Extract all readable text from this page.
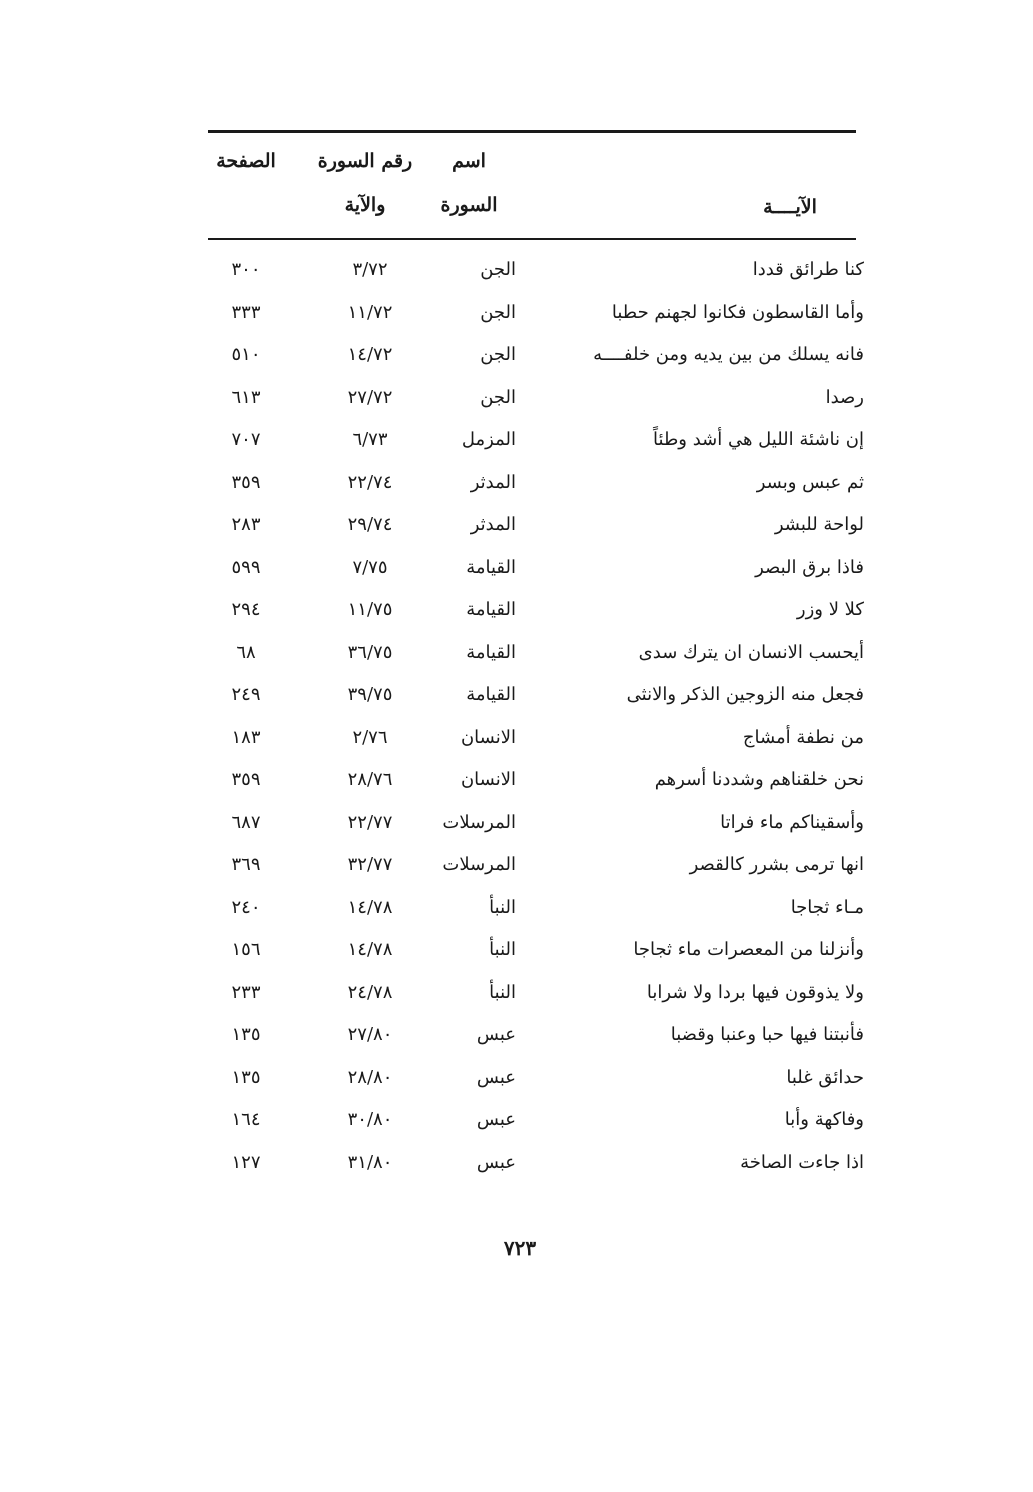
الصفحة	رقم السورة
والآية
اسم
السورة	الآيــــة
كنا طرائق قددا
الجن
٣/٧٢
٣٠٠
وأما القاسطون فكانوا لجهنم حطبا
الجن
١١/٧٢
٣٣٣
فانه يسلك من بين يديه ومن خلفــــه
الجن
١٤/٧٢
٥١٠
رصدا
الجن
٢٧/٧٢
٦١٣
إن ناشئة الليل هي أشد وطئاً
المزمل
٦/٧٣
٧٠٧
ثم عبس وبسر
المدثر
٢٢/٧٤
٣٥٩
لواحة للبشر
المدثر
٢٩/٧٤
٢٨٣
فاذا برق البصر
القيامة
٧/٧٥
٥٩٩
كلا لا وزر
القيامة
١١/٧٥
٢٩٤
أيحسب الانسان ان يترك سدى
القيامة
٣٦/٧٥
٦٨
فجعل منه الزوجين الذكر والانثى
القيامة
٣٩/٧٥
٢٤٩
من نطفة أمشاج
الانسان
٢/٧٦
١٨٣
نحن خلقناهم وشددنا أسرهم
الانسان
٢٨/٧٦
٣٥٩
وأسقيناكم ماء فراتا
المرسلات
٢٢/٧٧
٦٨٧
انها ترمى بشرر كالقصر
المرسلات
٣٢/٧٧
٣٦٩
مـاء ثجاجا
النبأ
١٤/٧٨
٢٤٠
وأنزلنا من المعصرات ماء ثجاجا
النبأ
١٤/٧٨
١٥٦
ولا يذوقون فيها بردا ولا شرابا
النبأ
٢٤/٧٨
٢٣٣
فأنبتنا فيها حبا وعنبا وقضبا
عبس
٢٧/٨٠
١٣٥
حدائق غلبا
عبس
٢٨/٨٠
١٣٥
وفاكهة وأبا
عبس
٣٠/٨٠
١٦٤
اذا جاءت الصاخة
عبس
٣١/٨٠
١٢٧
٧٢٣
